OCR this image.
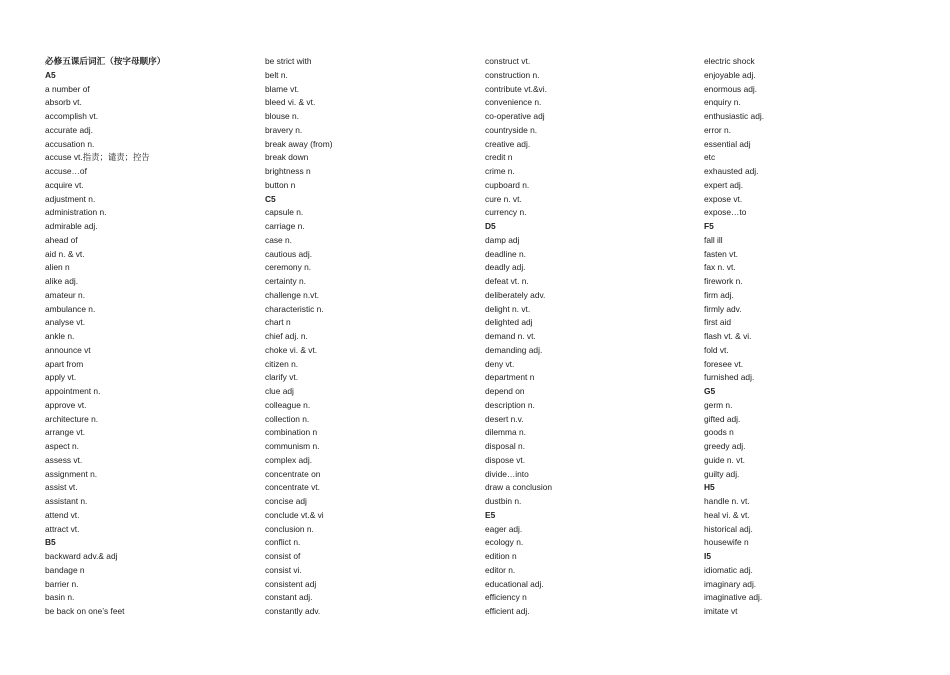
必修五课后词汇（按字母顺序）
A5
a number of
absorb vt.
accomplish vt.
accurate adj.
accusation n.
accuse vt.指责；谴责；控告
accuse…of
acquire vt.
adjustment n.
administration n.
admirable adj.
ahead of
aid n. & vt.
alien n
alike adj.
amateur n.
ambulance n.
analyse vt.
ankle n.
announce vt
apart from
apply vt.
appointment n.
approve vt.
architecture n.
arrange vt.
aspect n.
assess vt.
assignment n.
assist vt.
assistant n.
attend vt.
attract vt.
B5
backward adv.& adj
bandage n
barrier n.
basin n.
be back on one’s feet
be strict with
belt n.
blame vt.
bleed vi. & vt.
blouse n.
bravery n.
break away (from)
break down
brightness n
button n
C5
capsule n.
carriage n.
case n.
cautious adj.
ceremony n.
certainty n.
challenge n.vt.
characteristic n.
chart n
chief adj. n.
choke vi. & vt.
citizen n.
clarify vt.
clue adj
colleague n.
collection n.
combination n
communism n.
complex adj.
concentrate on
concentrate vt.
concise adj
conclude vt.& vi
conclusion n.
conflict n.
consist of
consist vi.
consistent adj
constant adj.
constantly adv.
construct vt.
construction n.
contribute vt.&vi.
convenience n.
co-operative adj
countryside n.
creative adj.
credit n
crime n.
cupboard n.
cure n. vt.
currency n.
D5
damp adj
deadline n.
deadly adj.
defeat vt. n.
deliberately adv.
delight n. vt.
delighted adj
demand n. vt.
demanding adj.
deny vt.
department n
depend on
description n.
desert n.v.
dilemma n.
disposal n.
dispose vt.
divide…into
draw a conclusion
dustbin n.
E5
eager adj.
ecology n.
edition n
editor n.
educational adj.
efficiency n
efficient adj.
electric shock
enjoyable adj.
enormous adj.
enquiry n.
enthusiastic adj.
error n.
essential adj
etc
exhausted adj.
expert adj.
expose vt.
expose…to
F5
fall ill
fasten vt.
fax n. vt.
firework n.
firm adj.
firmly adv.
first aid
flash vt. & vi.
fold vt.
foresee vt.
furnished adj.
G5
germ n.
gifted adj.
goods n
greedy adj.
guide n. vt.
guilty adj.
H5
handle n. vt.
heal vi. & vt.
historical adj.
housewife n
I5
idiomatic adj.
imaginary adj.
imaginative adj.
imitate vt
